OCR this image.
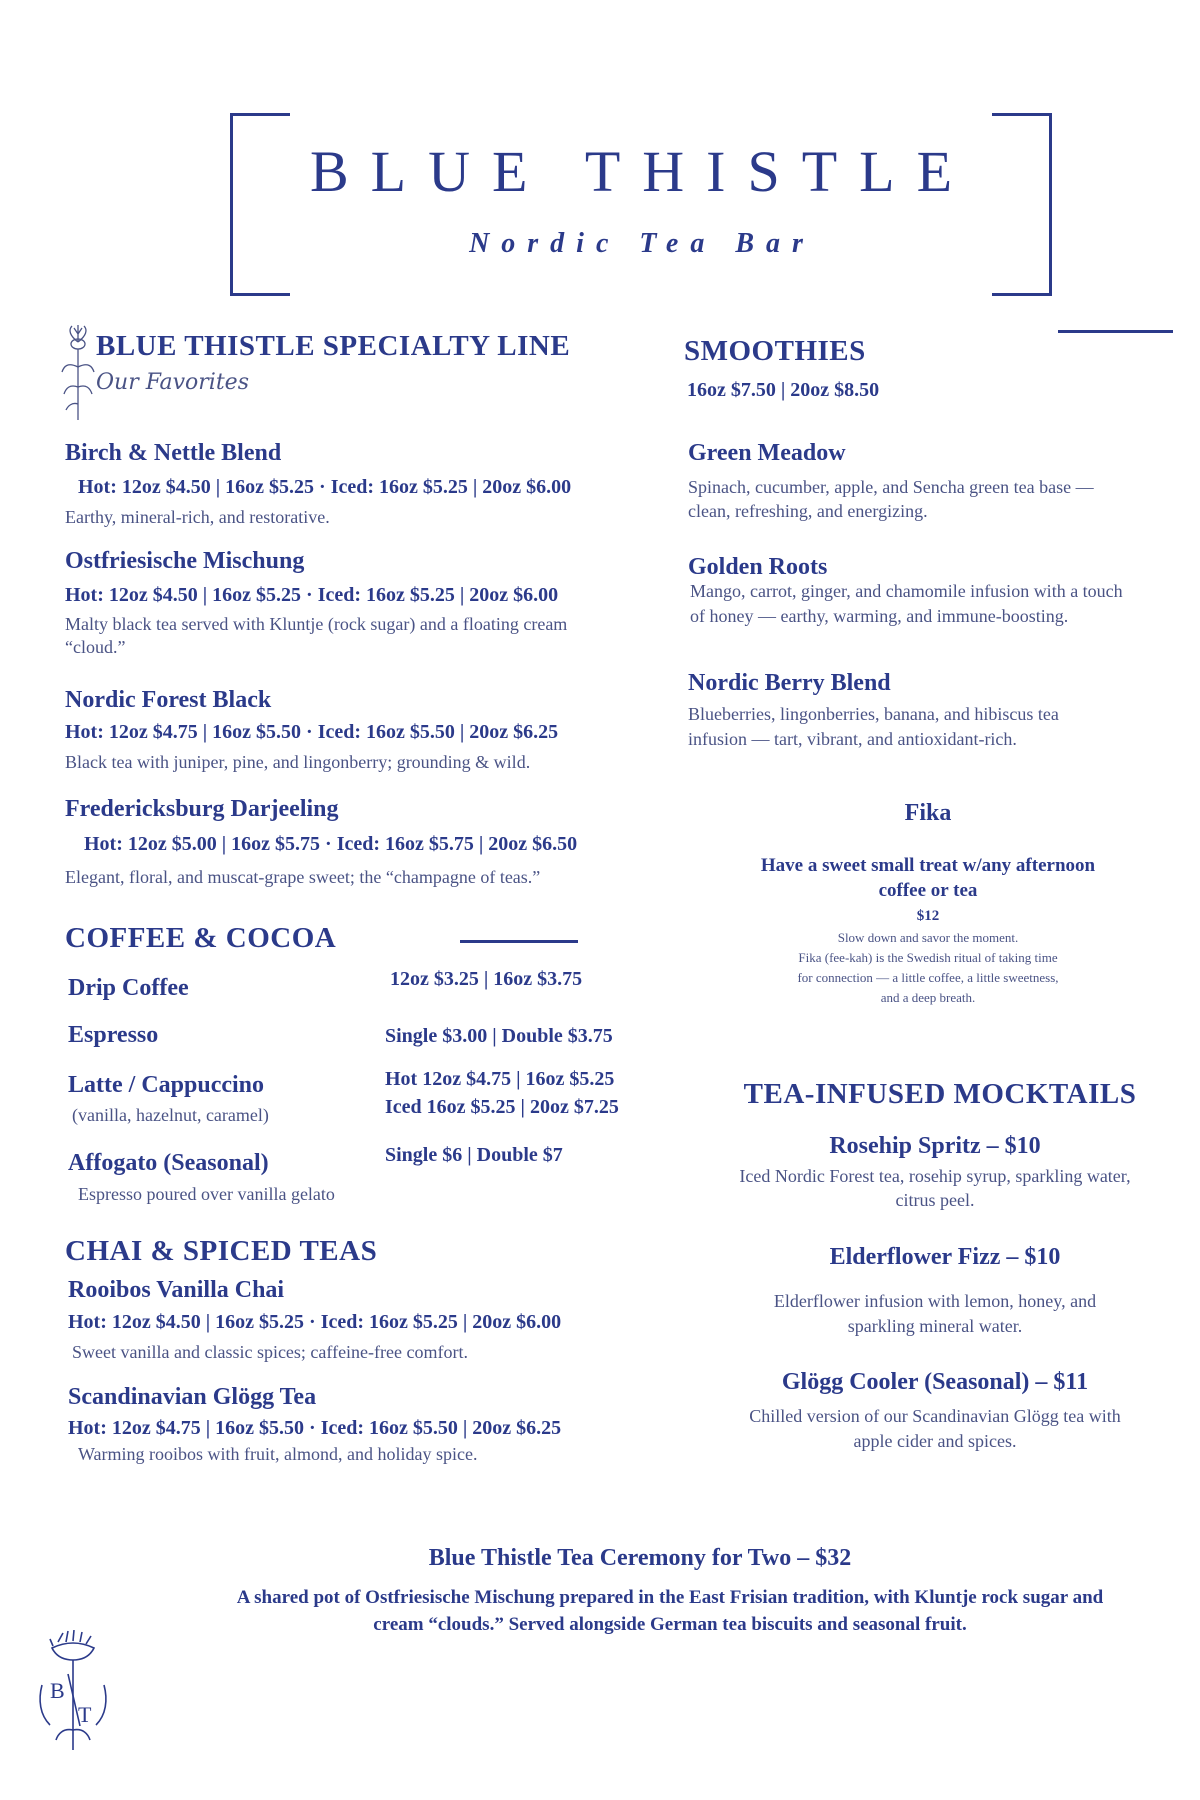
BLUE THISTLE
Nordic Tea Bar
BLUE THISTLE SPECIALTY LINE
Our Favorites
Birch & Nettle Blend
Hot: 12oz $4.50 | 16oz $5.25 · Iced: 16oz $5.25 | 20oz $6.00
Earthy, mineral-rich, and restorative.
Ostfriesische Mischung
Hot: 12oz $4.50 | 16oz $5.25 · Iced: 16oz $5.25 | 20oz $6.00
Malty black tea served with Kluntje (rock sugar) and a floating cream “cloud.”
Nordic Forest Black
Hot: 12oz $4.75 | 16oz $5.50 · Iced: 16oz $5.50 | 20oz $6.25
Black tea with juniper, pine, and lingonberry; grounding & wild.
Fredericksburg Darjeeling
Hot: 12oz $5.00 | 16oz $5.75 · Iced: 16oz $5.75 | 20oz $6.50
Elegant, floral, and muscat-grape sweet; the “champagne of teas.”
COFFEE & COCOA
Drip Coffee	12oz $3.25 | 16oz $3.75
Espresso	Single $3.00 | Double $3.75
Latte / Cappuccino
(vanilla, hazelnut, caramel)
Hot 12oz $4.75 | 16oz $5.25
Iced 16oz $5.25 | 20oz $7.25
Affogato (Seasonal)	Single $6 | Double $7
Espresso poured over vanilla gelato
CHAI & SPICED TEAS
Rooibos Vanilla Chai
Hot: 12oz $4.50 | 16oz $5.25 · Iced: 16oz $5.25 | 20oz $6.00
Sweet vanilla and classic spices; caffeine-free comfort.
Scandinavian Glögg Tea
Hot: 12oz $4.75 | 16oz $5.50 · Iced: 16oz $5.50 | 20oz $6.25
Warming rooibos with fruit, almond, and holiday spice.
SMOOTHIES
16oz $7.50 | 20oz $8.50
Green Meadow
Spinach, cucumber, apple, and Sencha green tea base —
clean, refreshing, and energizing.
Golden Roots
Mango, carrot, ginger, and chamomile infusion with a touch
of honey — earthy, warming, and immune-boosting.
Nordic Berry Blend
Blueberries, lingonberries, banana, and hibiscus tea
infusion — tart, vibrant, and antioxidant-rich.
Fika
Have a sweet small treat w/any afternoon
coffee or tea
$12
Slow down and savor the moment.
Fika (fee-kah) is the Swedish ritual of taking time
for connection — a little coffee, a little sweetness,
and a deep breath.
TEA-INFUSED MOCKTAILS
Rosehip Spritz – $10
Iced Nordic Forest tea, rosehip syrup, sparkling water,
citrus peel.
Elderflower Fizz – $10
Elderflower infusion with lemon, honey, and
sparkling mineral water.
Glögg Cooler (Seasonal) – $11
Chilled version of our Scandinavian Glögg tea with
apple cider and spices.
Blue Thistle Tea Ceremony for Two – $32
A shared pot of Ostfriesische Mischung prepared in the East Frisian tradition, with Kluntje rock sugar and
cream “clouds.” Served alongside German tea biscuits and seasonal fruit.
B
T
